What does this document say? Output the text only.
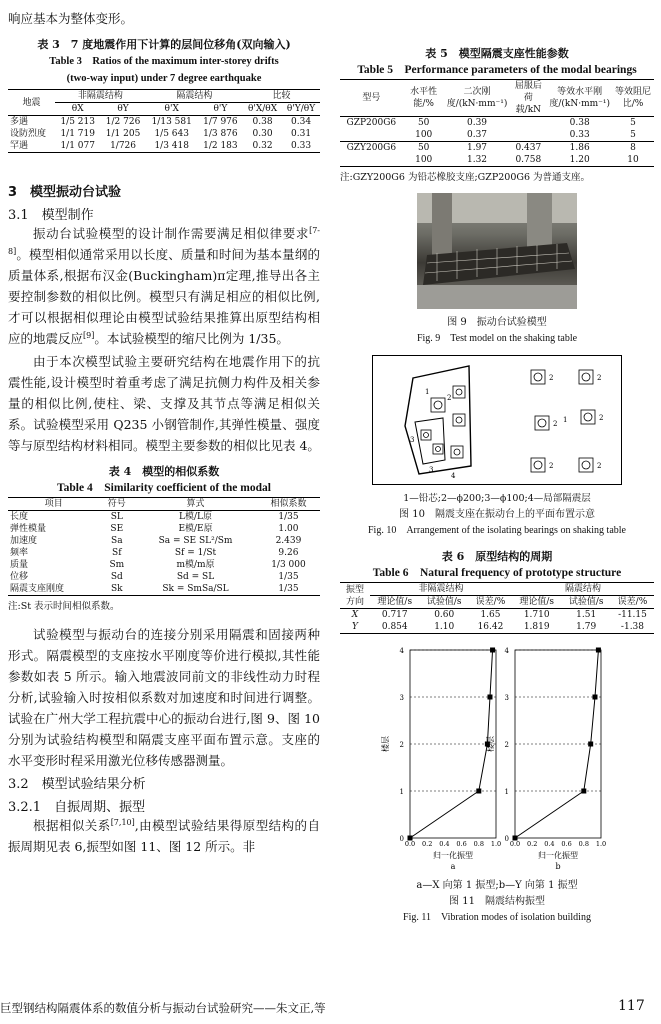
响应基本为整体变形。

表 3　7 度地震作用下计算的层间位移角(双向输入)
Table 3　Ratios of the maximum inter-storey drifts
(two-way input) under 7 degree earthquake
地震	非隔震结构		隔震结构		比较	
	θX	θY	θ'X	θ'Y	θ'X/θX	θ'Y/θY
多遇	1/5 213	1/2 726	1/13 581	1/7 976	0.38	0.34
设防烈度	1/1 719	1/1 205	1/5 643	1/3 876	0.30	0.31
罕遇	1/1 077	1/726	1/3 418	1/2 183	0.32	0.33
3　模型振动台试验
3.1　模型制作

振动台试验模型的设计制作需要满足相似律要求[7-8]。模型相似通常采用以长度、质量和时间为基本量纲的质量体系,根据布汉金(Buckingham)π定理,推导出各主要控制参数的相似比例。模型只有满足相应的相似比例,才可以根据相似理论由模型试验结果推算出原型结构相应的地震反应[9]。本试验模型的缩尺比例为 1/35。

由于本次模型试验主要研究结构在地震作用下的抗震性能,设计模型时着重考虑了满足抗侧力构件及相关参量的相似比例,使柱、梁、支撑及其节点等满足相似关系。试验模型采用 Q235 小钢管制作,其弹性模量、强度等与原型结构材料相同。模型主要参数的相似比见表 4。

表 4　模型的相似系数
Table 4　Similarity coefficient of the modal
项目	符号	算式	相似系数
长度	SL	L模/L原	1/35
弹性模量	SE	E模/E原	1.00
加速度	Sa	Sa = SE SL²/Sm	2.439
频率	Sf	Sf = 1/St	9.26
质量	Sm	m模/m原	1/3 000
位移	Sd	Sd = SL	1/35
隔震支座刚度	Sk	Sk = SmSa/SL	1/35
注:St 表示时间相似系数。

试验模型与振动台的连接分别采用隔震和固接两种形式。隔震模型的支座按水平刚度等价进行模拟,其性能参数如表 5 所示。输入地震波同前文的非线性动力时程分析,试验输入时按相似系数对加速度和时间进行调整。试验在广州大学工程抗震中心的振动台进行,图 9、图 10 分别为试验结构模型和隔震支座平面布置示意。支座的水平变形时程采用激光位移传感器测量。

3.2　模型试验结果分析
3.2.1　自振周期、振型

根据相似关系[7,10],由模型试验结果得原型结构的自振周期见表 6,振型如图 11、图 12 所示。非

巨型钢结构隔震体系的数值分析与振动台试验研究——朱文正,等
表 5　模型隔震支座性能参数
Table 5　Performance parameters of the modal bearings
型号	水平性能/%	二次刚度/(kN·mm⁻¹)	屈服后荷载/kN	等效水平刚度/(kN·mm⁻¹)	等效阻尼比/%
GZP200G6	50	0.39		0.38	5
	100	0.37		0.33	5
GZY200G6	50	1.97	0.437	1.86	8
	100	1.32	0.758	1.20	10
注:GZY200G6 为铅芯橡胶支座;GZP200G6 为普通支座。
图 9　振动台试验模型
Fig. 9　Test model on the shaking table
1
2
3
3
4
2	2
1
2
2
2	2
1—铅芯;2—ϕ200;3—ϕ100;4—局部隔震层
图 10　隔震支座在振动台上的平面布置示意
Fig. 10　Arrangement of the isolating bearings on shaking table
表 6　原型结构的周期
Table 6　Natural frequency of prototype structure
振型方向	非隔震结构			隔震结构		
	理论值/s	试验值/s	误差/%	理论值/s	试验值/s	误差/%
X	0.717	0.60	1.65	1.710	1.51	-11.15
Y	0.854	1.10	16.42	1.819	1.79	-1.38
0
1
2
3
4
0.0 0.2 0.4 0.6 0.8 1.0
楼层
归一化振型
a
0
1
2
3
4
0.0 0.2 0.4 0.6 0.8 1.0
楼层
归一化振型
b
a—X 向第 1 振型;b—Y 向第 1 振型
图 11　隔震结构振型
Fig. 11　Vibration modes of isolation building
117
